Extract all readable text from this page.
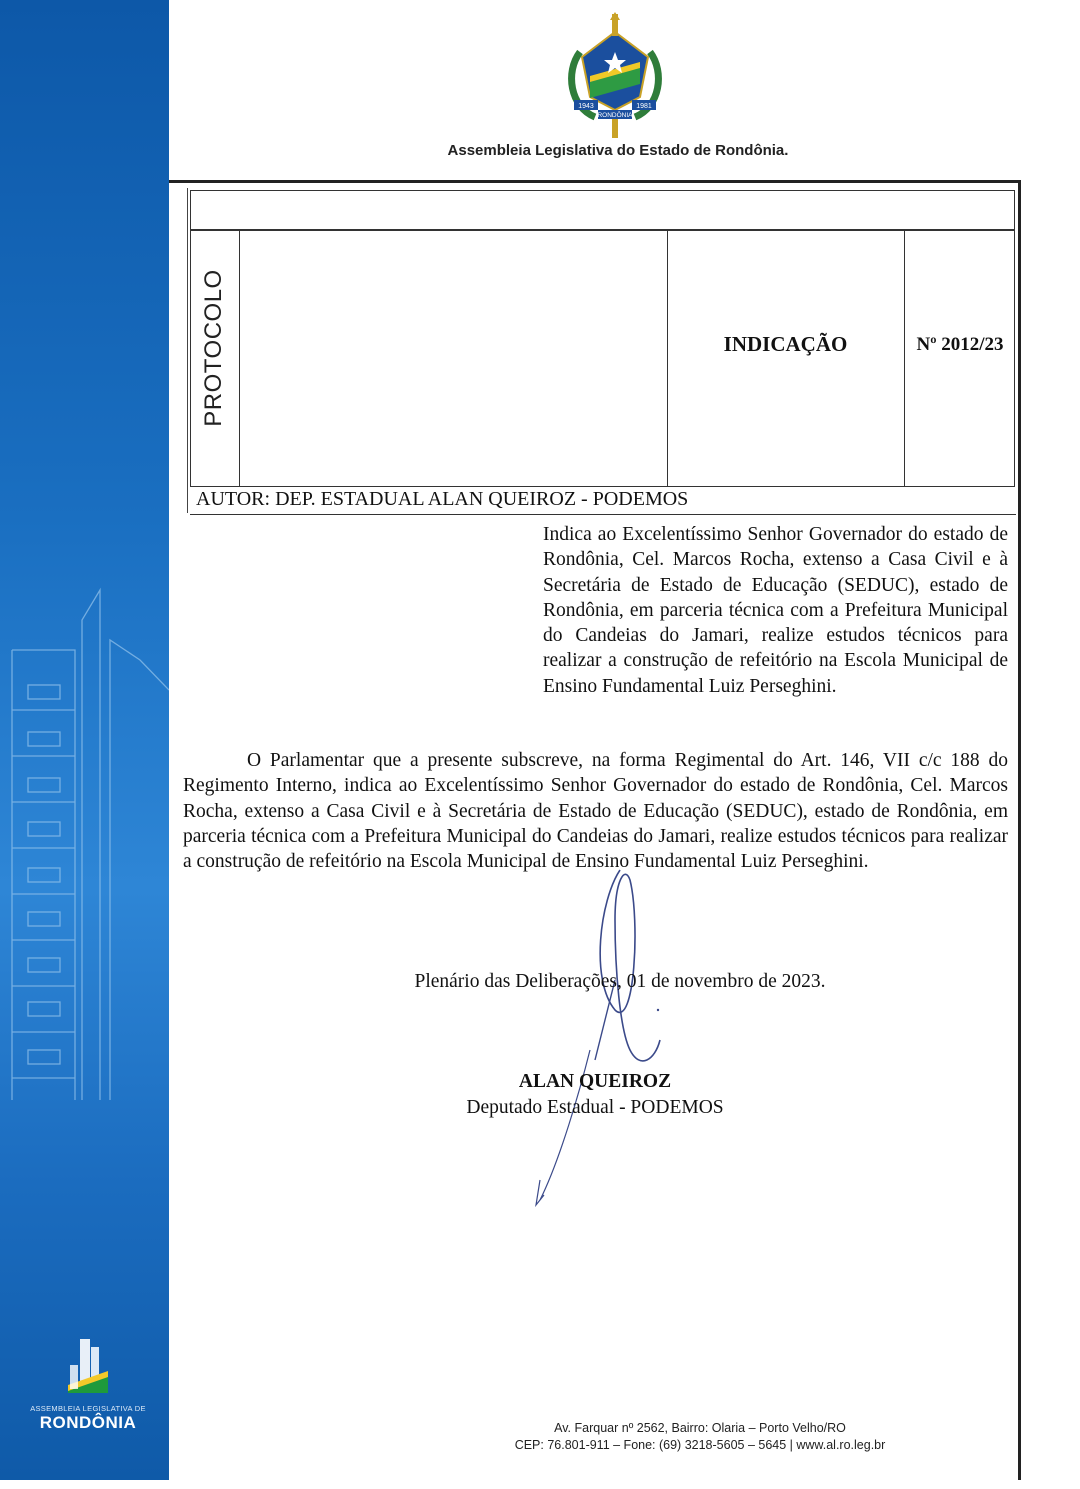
ASSEMBLEIA LEGISLATIVA DE
RONDÔNIA

1943	1981
RONDÔNIA
Assembleia Legislativa do Estado de Rondônia.
PROTOCOLO	INDICAÇÃO	Nº 2012/23
AUTOR: DEP. ESTADUAL ALAN QUEIROZ - PODEMOS
Indica ao Excelentíssimo Senhor Governador do estado de Rondônia, Cel. Marcos Rocha, extenso a Casa Civil e à Secretária de Estado de Educação (SEDUC), estado de Rondônia, em parceria técnica com a Prefeitura Municipal do Candeias do Jamari, realize estudos técnicos para realizar a construção de refeitório na Escola Municipal de Ensino Fundamental Luiz Perseghini.
O Parlamentar que a presente subscreve, na forma Regimental do Art. 146, VII c/c 188 do Regimento Interno, indica ao Excelentíssimo Senhor Governador do estado de Rondônia, Cel. Marcos Rocha, extenso a Casa Civil e à Secretária de Estado de Educação (SEDUC), estado de Rondônia, em parceria técnica com a Prefeitura Municipal do Candeias do Jamari, realize estudos técnicos para realizar a construção de refeitório na Escola Municipal de Ensino Fundamental Luiz Perseghini.
Plenário das Deliberações, 01 de novembro de 2023.
ALAN QUEIROZ
Deputado Estadual - PODEMOS
Av. Farquar nº 2562, Bairro: Olaria – Porto Velho/RO
CEP: 76.801-911 – Fone: (69) 3218-5605 – 5645 | www.al.ro.leg.br
